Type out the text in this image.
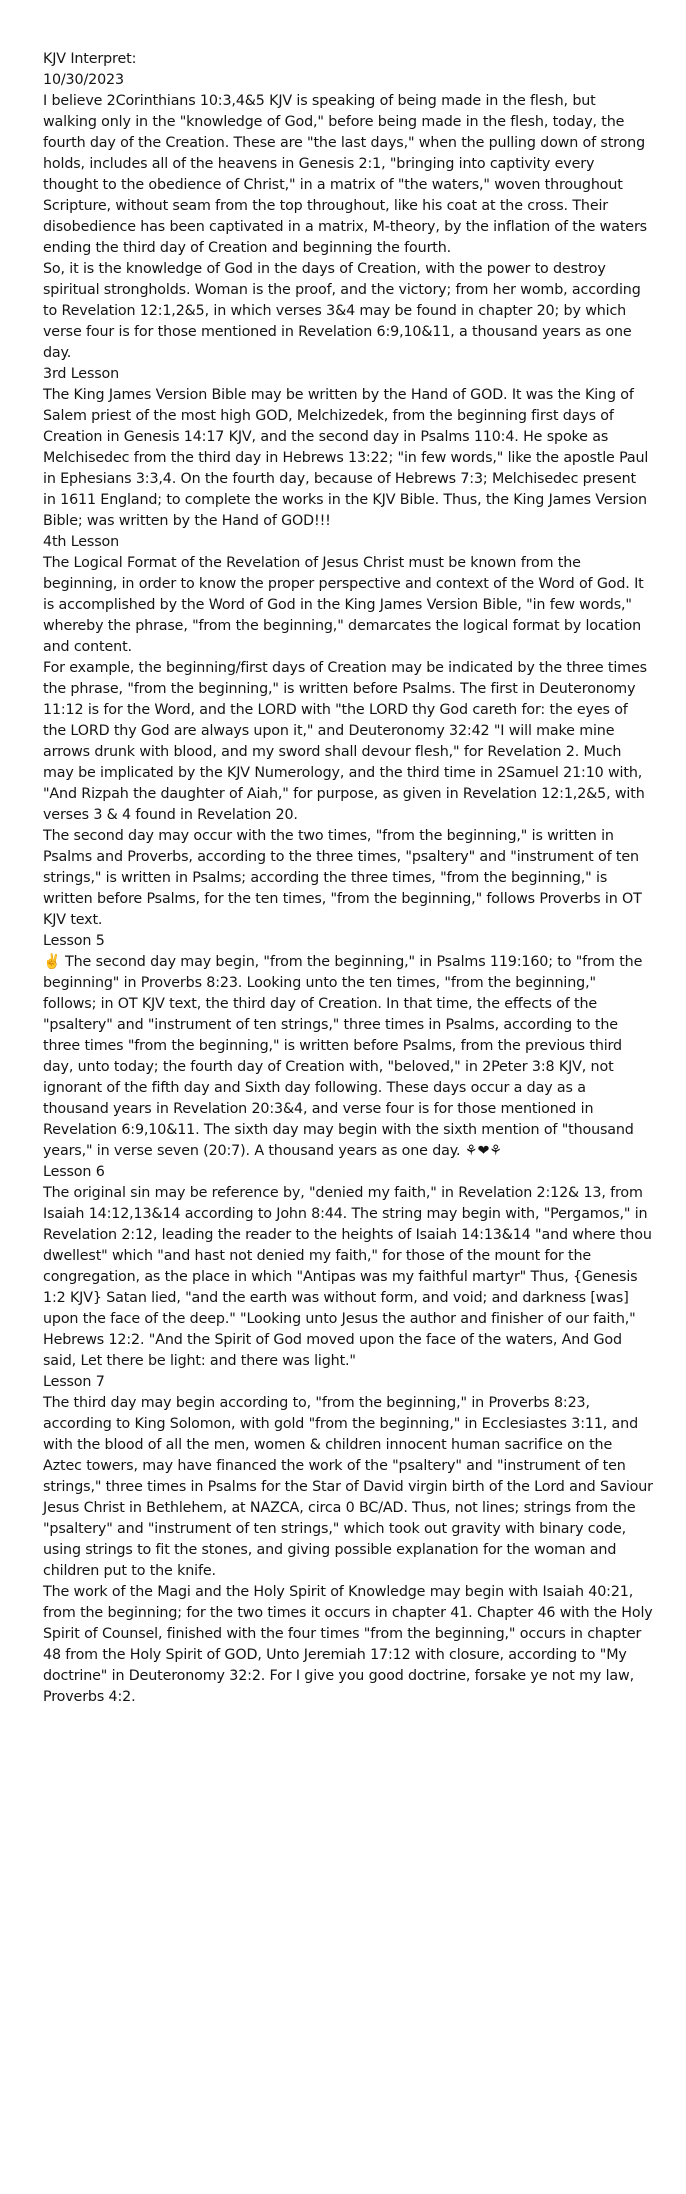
KJV Interpret:

10/30/2023

I believe 2Corinthians 10:3,4&5 KJV is speaking of being made in the flesh, but walking only in the "knowledge of God," before being made in the flesh, today, the fourth day of the Creation. These are "the last days," when the pulling down of strong holds, includes all of the heavens in Genesis 2:1, "bringing into captivity every thought to the obedience of Christ," in a matrix of "the waters," woven throughout Scripture, without seam from the top throughout, like his coat at the cross. Their disobedience has been captivated in a matrix, M-theory, by the inflation of the waters ending the third day of Creation and beginning the fourth.

So, it is the knowledge of God in the days of Creation, with the power to destroy spiritual strongholds. Woman is the proof, and the victory; from her womb, according to Revelation 12:1,2&5, in which verses 3&4 may be found in chapter 20; by which verse four is for those mentioned in Revelation 6:9,10&11, a thousand years as one day.

3rd Lesson

The King James Version Bible may be written by the Hand of GOD. It was the King of Salem priest of the most high GOD, Melchizedek, from the beginning first days of Creation in Genesis 14:17 KJV, and the second day in Psalms 110:4. He spoke as Melchisedec from the third day in Hebrews 13:22; "in few words," like the apostle Paul in Ephesians 3:3,4. On the fourth day, because of Hebrews 7:3; Melchisedec present in 1611 England; to complete the works in the KJV Bible. Thus, the King James Version Bible; was written by the Hand of GOD!!!

4th Lesson

The Logical Format of the Revelation of Jesus Christ must be known from the beginning, in order to know the proper perspective and context of the Word of God. It is accomplished by the Word of God in the King James Version Bible, "in few words," whereby the phrase, "from the beginning," demarcates the logical format by location and content.

For example, the beginning/first days of Creation may be indicated by the three times the phrase, "from the beginning," is written before Psalms. The first in Deuteronomy 11:12 is for the Word, and the LORD with "the LORD thy God careth for: the eyes of the LORD thy God are always upon it," and Deuteronomy 32:42 "I will make mine arrows drunk with blood, and my sword shall devour flesh," for Revelation 2. Much may be implicated by the KJV Numerology, and the third time in 2Samuel 21:10 with, "And Rizpah the daughter of Aiah," for purpose, as given in Revelation 12:1,2&5, with verses 3 & 4 found in Revelation 20.

The second day may occur with the two times, "from the beginning," is written in Psalms and Proverbs, according to the three times, "psaltery" and "instrument of ten strings," is written in Psalms; according the three times, "from the beginning," is written before Psalms, for the ten times, "from the beginning," follows Proverbs in OT KJV text.

Lesson 5

✌️ The second day may begin, "from the beginning," in Psalms 119:160; to "from the beginning" in Proverbs 8:23. Looking unto the ten times, "from the beginning," follows; in OT KJV text, the third day of Creation. In that time, the effects of the "psaltery" and "instrument of ten strings," three times in Psalms, according to the three times "from the beginning," is written before Psalms, from the previous third day, unto today; the fourth day of Creation with, "beloved," in 2Peter 3:8 KJV, not ignorant of the fifth day and Sixth day following. These days occur a day as a thousand years in Revelation 20:3&4, and verse four is for those mentioned in Revelation 6:9,10&11. The sixth day may begin with the sixth mention of "thousand years," in verse seven (20:7). A thousand years as one day. ⚘❤⚘

Lesson 6

The original sin may be reference by, "denied my faith," in Revelation 2:12& 13, from Isaiah 14:12,13&14 according to John 8:44. The string may begin with, "Pergamos," in Revelation 2:12, leading the reader to the heights of Isaiah 14:13&14 "and where thou dwellest" which "and hast not denied my faith," for those of the mount for the congregation, as the place in which "Antipas was my faithful martyr" Thus, {Genesis 1:2 KJV} Satan lied, "and the earth was without form, and void; and darkness [was] upon the face of the deep." "Looking unto Jesus the author and finisher of our faith," Hebrews 12:2. "And the Spirit of God moved upon the face of the waters, And God said, Let there be light: and there was light."

Lesson 7

The third day may begin according to, "from the beginning," in Proverbs 8:23, according to King Solomon, with gold "from the beginning," in Ecclesiastes 3:11, and with the blood of all the men, women & children innocent human sacrifice on the Aztec towers, may have financed the work of the "psaltery" and "instrument of ten strings," three times in Psalms for the Star of David virgin birth of the Lord and Saviour Jesus Christ in Bethlehem, at NAZCA, circa 0 BC/AD. Thus, not lines; strings from the "psaltery" and "instrument of ten strings," which took out gravity with binary code, using strings to fit the stones, and giving possible explanation for the woman and children put to the knife.

The work of the Magi and the Holy Spirit of Knowledge may begin with Isaiah 40:21, from the beginning; for the two times it occurs in chapter 41. Chapter 46 with the Holy Spirit of Counsel, finished with the four times "from the beginning," occurs in chapter 48 from the Holy Spirit of GOD, Unto Jeremiah 17:12 with closure, according to "My doctrine" in Deuteronomy 32:2. For I give you good doctrine, forsake ye not my law, Proverbs 4:2.
